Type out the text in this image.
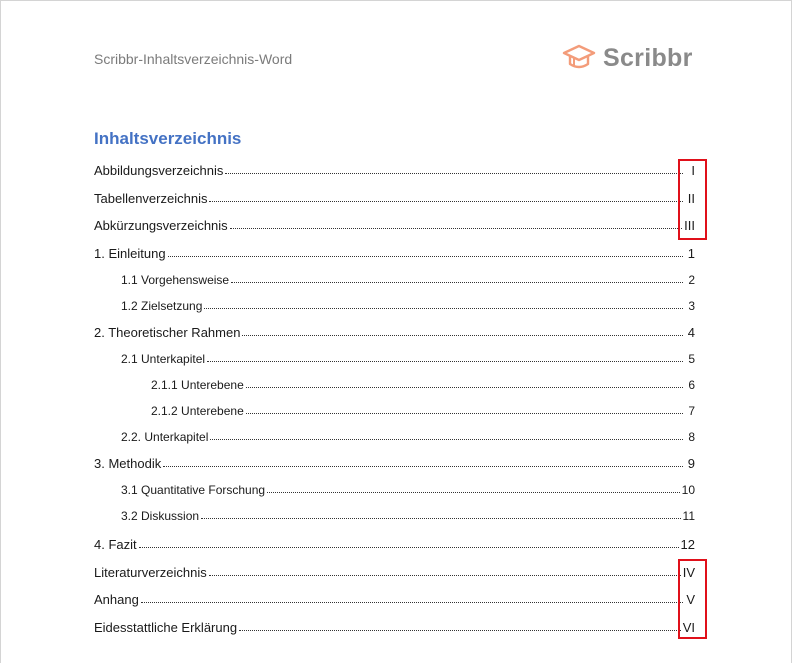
Scribbr-Inhaltsverzeichnis-Word	Scribbr
Inhaltsverzeichnis
Abbildungsverzeichnis	I
Tabellenverzeichnis	II
Abkürzungsverzeichnis	III
1. Einleitung	1
1.1 Vorgehensweise	2
1.2 Zielsetzung	3
2. Theoretischer Rahmen	4
2.1 Unterkapitel	5
2.1.1 Unterebene	6
2.1.2 Unterebene	7
2.2. Unterkapitel	8
3. Methodik	9
3.1 Quantitative Forschung	10
3.2 Diskussion	11
4. Fazit	12
Literaturverzeichnis	IV
Anhang	V
Eidesstattliche Erklärung	VI
